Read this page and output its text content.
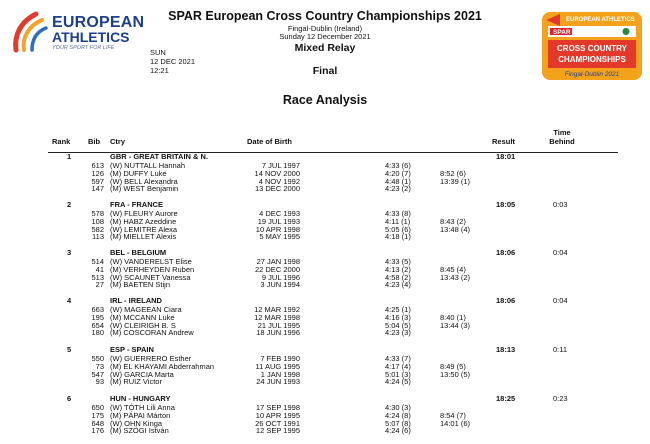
EUROPEAN
ATHLETICS
YOUR SPORT FOR LIFE
SPAR European Cross Country Championships 2021
Fingal-Dublin (Ireland)
Sunday 12 December 2021
Mixed Relay
Final
SUN
12 DEC 2021
12:21
EUROPEAN ATHLETICS
SPAR
CROSS COUNTRY
CHAMPIONSHIPS
Fingal-Dublin 2021
Race Analysis
Rank Bib Ctry	Date of Birth	Result
Time
Behind
1	GBR - GREAT BRITAIN & N.	18:01
613 (W) NUTTALL Hannah	7 JUL 1997	4:33 (6)
126 (M) DUFFY Luke	14 NOV 2000	4:20 (7)	8:52 (6)
597 (W) BELL Alexandra	4 NOV 1992	4:48 (1)	13:39 (1)
147 (M) WEST Benjamin	13 DEC 2000	4:23 (2)
2	FRA - FRANCE	18:05	0:03
578 (W) FLEURY Aurore	4 DEC 1993	4:33 (8)
108 (M) HABZ Azeddine	19 JUL 1993	4:11 (1)	8:43 (2)
582 (W) LEMITRE Alexa	10 APR 1998	5:05 (6)	13:48 (4)
113 (M) MIELLET Alexis	5 MAY 1995	4:18 (1)
3	BEL - BELGIUM	18:06	0:04
514 (W) VANDERELST Elise	27 JAN 1998	4:33 (5)
41 (M) VERHEYDEN Ruben	22 DEC 2000	4:13 (2)	8:45 (4)
513 (W) SCAUNET Vanessa	9 JUL 1996	4:58 (2)	13:43 (2)
27 (M) BAETEN Stijn	3 JUN 1994	4:23 (4)
4	IRL - IRELAND	18:06	0:04
663 (W) MAGEEAN Ciara	12 MAR 1992	4:25 (1)
195 (M) MCCANN Luke	12 MAR 1998	4:16 (3)	8:40 (1)
654 (W) CLEIRIGH B. S	21 JUL 1995	5:04 (5)	13:44 (3)
180 (M) COSCORAN Andrew	18 JUN 1996	4:23 (3)
5	ESP - SPAIN	18:13	0:11
550 (W) GUERRERO Esther	7 FEB 1990	4:33 (7)
73 (M) EL KHAYAMI Abderrahman	11 AUG 1995	4:17 (4)	8:49 (5)
547 (W) GARCIA Marta	1 JAN 1998	5:01 (3)	13:50 (5)
93 (M) RUIZ Victor	24 JUN 1993	4:24 (5)
6	HUN - HUNGARY	18:25	0:23
650 (W) TÓTH Lili Anna	17 SEP 1998	4:30 (3)
175 (M) PÁPAI Márton	10 APR 1995	4:24 (8)	8:54 (7)
648 (W) OHN Kinga	26 OCT 1991	5:07 (8)	14:01 (6)
176 (M) SZÖGI István	12 SEP 1995	4:24 (6)
